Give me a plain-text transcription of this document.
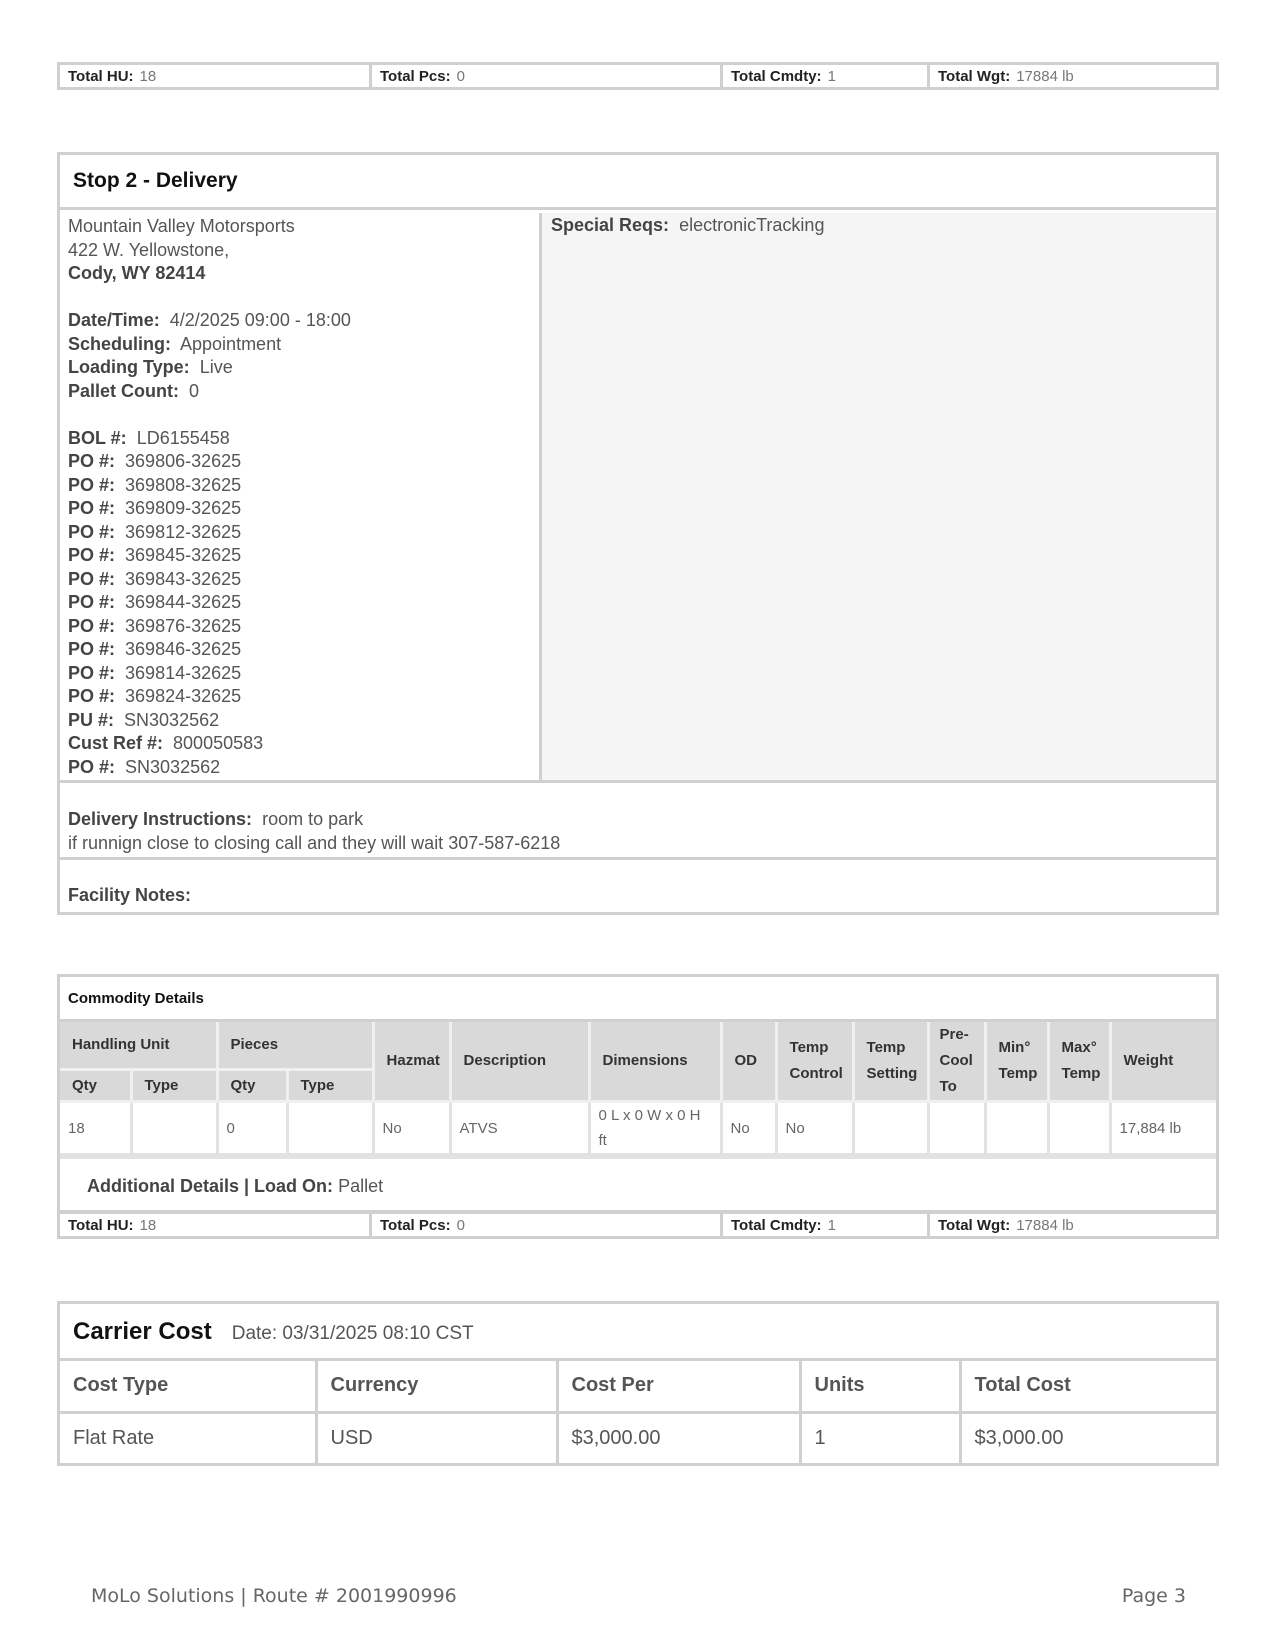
Total HU: 18	Total Pcs: 0	Total Cmdty: 1	Total Wgt: 17884 lb
Stop 2 - Delivery
Mountain Valley Motorsports
422 W. Yellowstone,
Cody, WY 82414
Date/Time: 4/2/2025 09:00 - 18:00
Scheduling: Appointment
Loading Type: Live
Pallet Count: 0
BOL #: LD6155458
PO #: 369806-32625
PO #: 369808-32625
PO #: 369809-32625
PO #: 369812-32625
PO #: 369845-32625
PO #: 369843-32625
PO #: 369844-32625
PO #: 369876-32625
PO #: 369846-32625
PO #: 369814-32625
PO #: 369824-32625
PU #: SN3032562
Cust Ref #: 800050583
PO #: SN3032562
Special Reqs: electronicTracking
Delivery Instructions: room to park
if runnign close to closing call and they will wait 307-587-6218
Facility Notes:
Commodity Details
Handling Unit		Pieces		Hazmat	Description	Dimensions	OD	Temp Control	Temp Setting	Pre-Cool To	Min° Temp	Max° Temp	Weight
Qty	Type	Qty	Type										
18		0		No	ATVS	0 L x 0 W x 0 H ft	No	No					17,884 lb
Additional Details | Load On: Pallet
Total HU: 18	Total Pcs: 0	Total Cmdty: 1	Total Wgt: 17884 lb
Carrier Cost Date: 03/31/2025 08:10 CST
Cost Type	Currency	Cost Per	Units	Total Cost
Flat Rate	USD	$3,000.00	1	$3,000.00
MoLo Solutions | Route # 2001990996	Page 3
